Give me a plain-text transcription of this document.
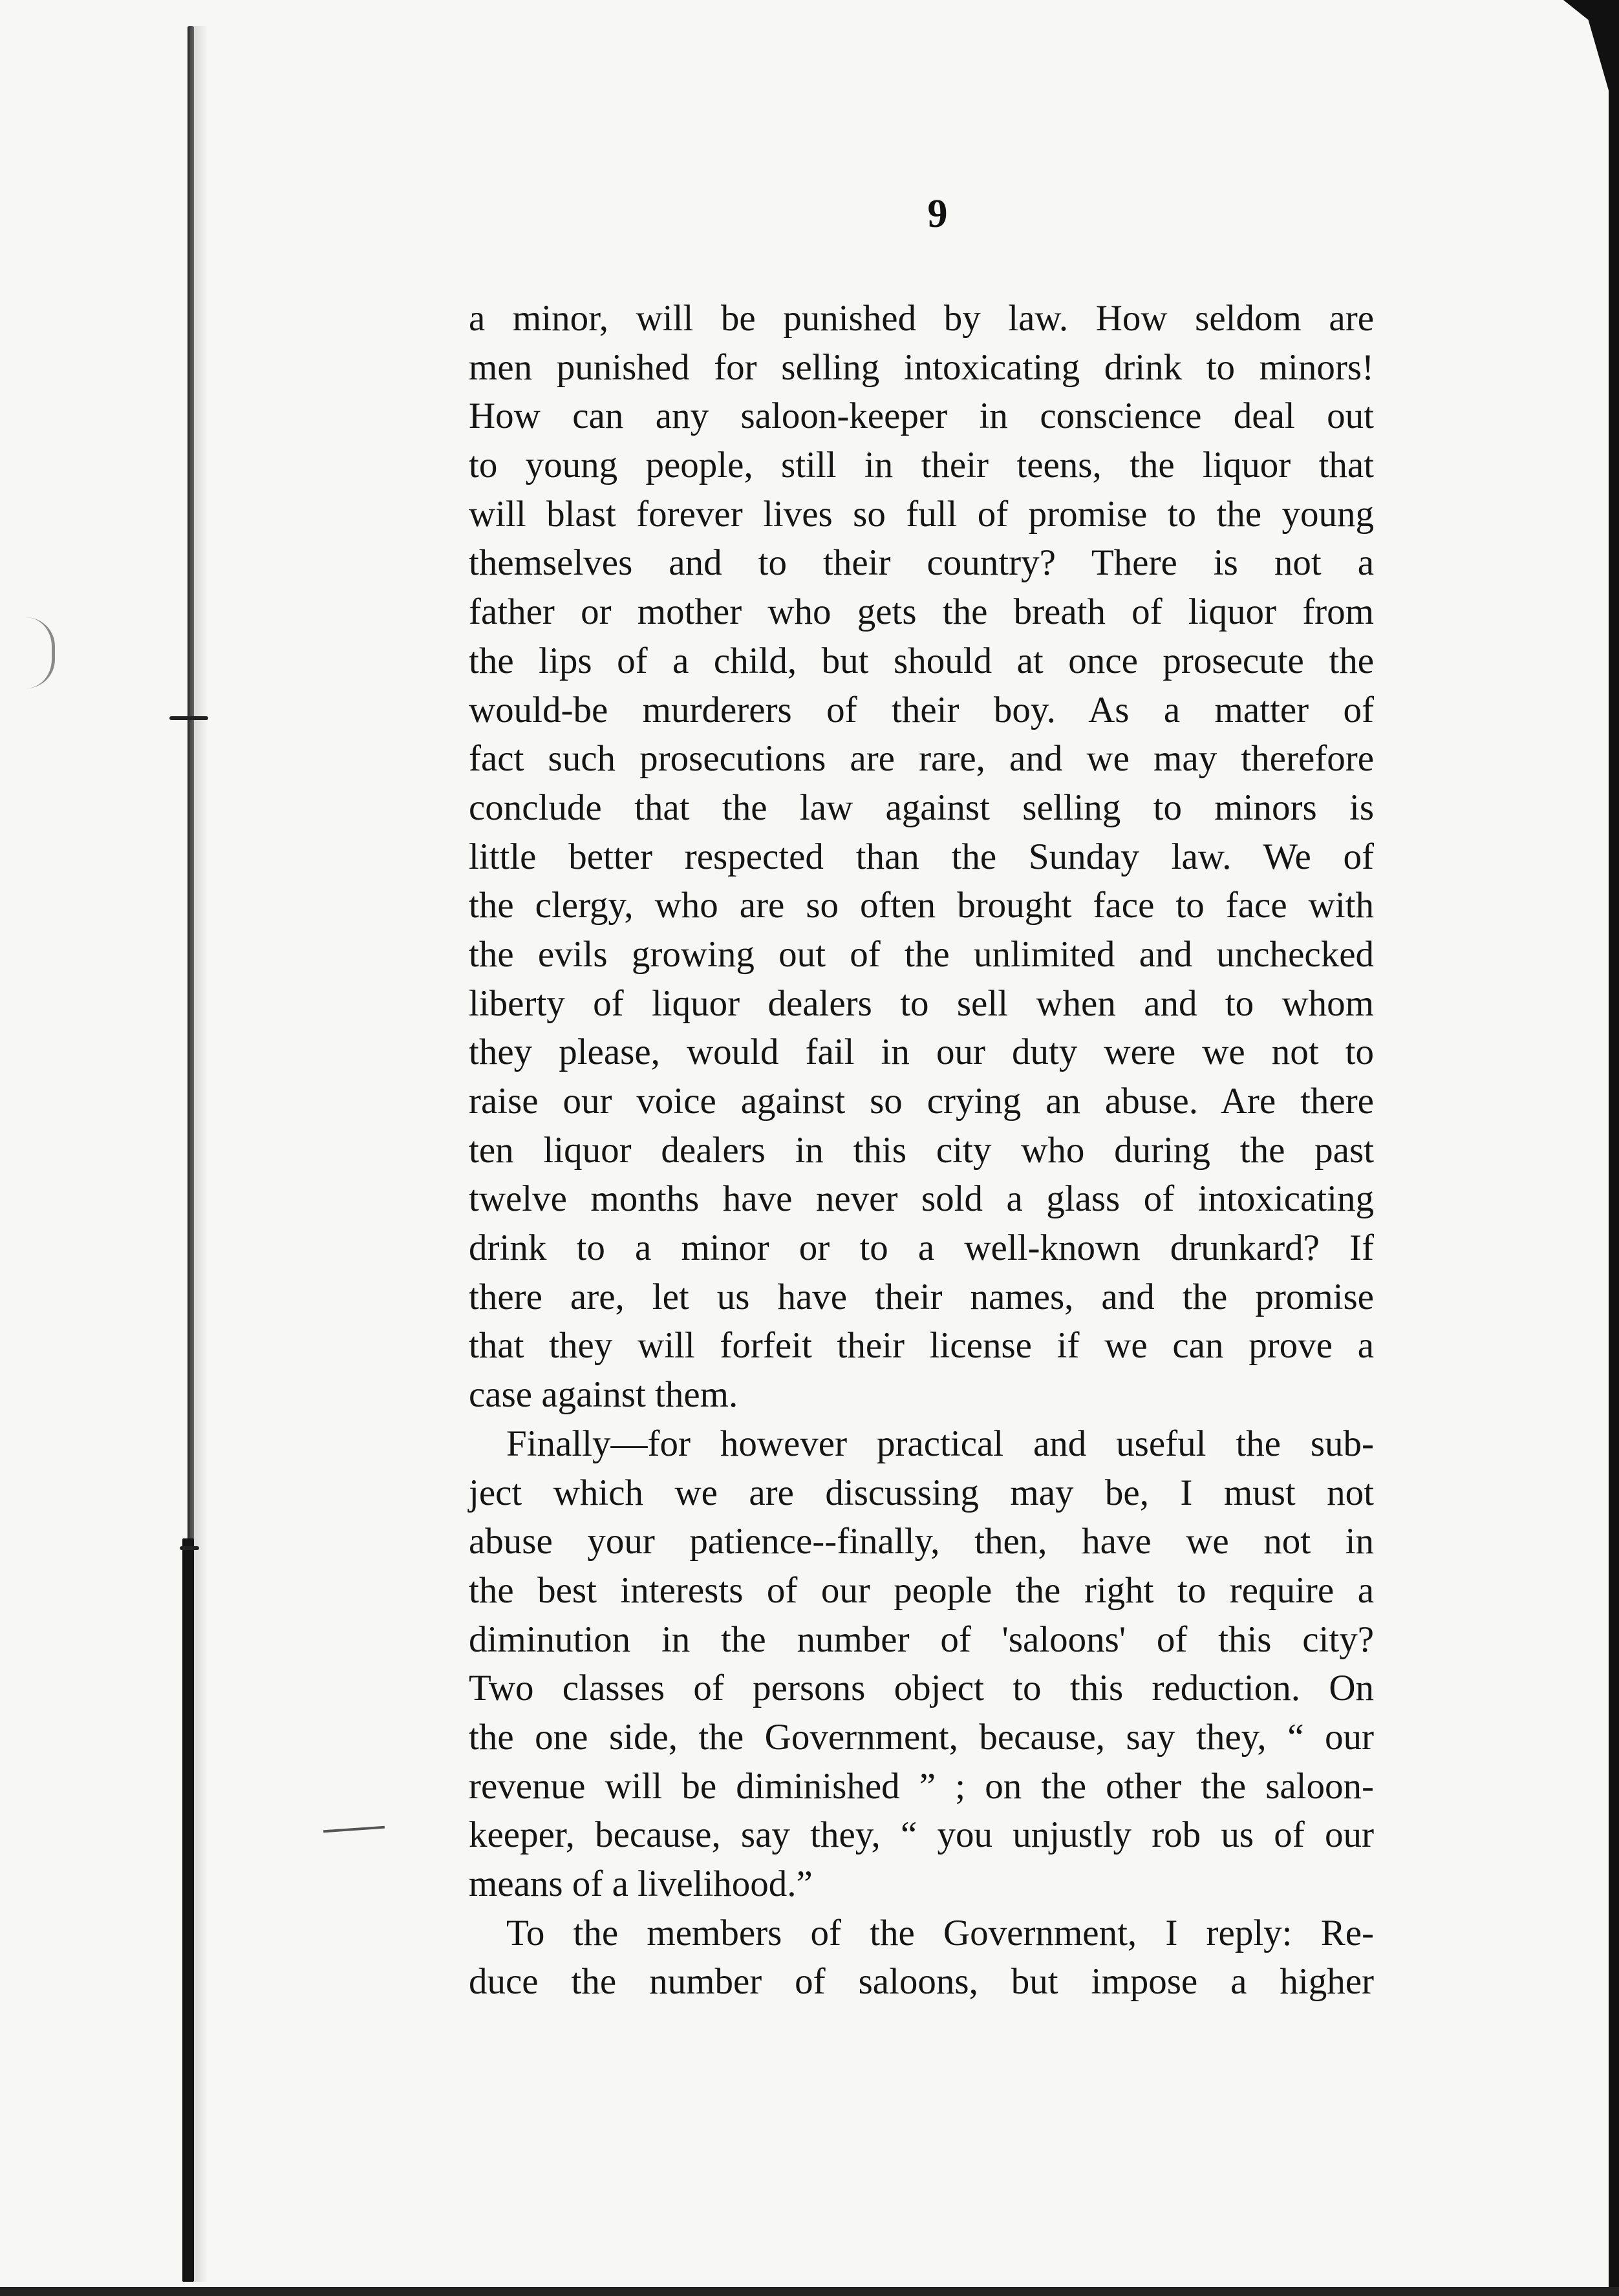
9
a minor, will be punished by law. How seldom are
men punished for selling intoxicating drink to minors!
How can any saloon-keeper in conscience deal out
to young people, still in their teens, the liquor that
will blast forever lives so full of promise to the young
themselves and to their country? There is not a
father or mother who gets the breath of liquor from
the lips of a child, but should at once prosecute the
would-be murderers of their boy. As a matter of
fact such prosecutions are rare, and we may therefore
conclude that the law against selling to minors is
little better respected than the Sunday law. We of
the clergy, who are so often brought face to face with
the evils growing out of the unlimited and unchecked
liberty of liquor dealers to sell when and to whom
they please, would fail in our duty were we not to
raise our voice against so crying an abuse. Are there
ten liquor dealers in this city who during the past
twelve months have never sold a glass of intoxicating
drink to a minor or to a well-known drunkard? If
there are, let us have their names, and the promise
that they will forfeit their license if we can prove a
case against them.
Finally—for however practical and useful the sub-
ject which we are discussing may be, I must not
abuse your patience--finally, then, have we not in
the best interests of our people the right to require a
diminution in the number of 'saloons' of this city?
Two classes of persons object to this reduction. On
the one side, the Government, because, say they, “ our
revenue will be diminished ” ; on the other the saloon-
keeper, because, say they, “ you unjustly rob us of our
means of a livelihood.”
To the members of the Government, I reply: Re-
duce the number of saloons, but impose a higher
